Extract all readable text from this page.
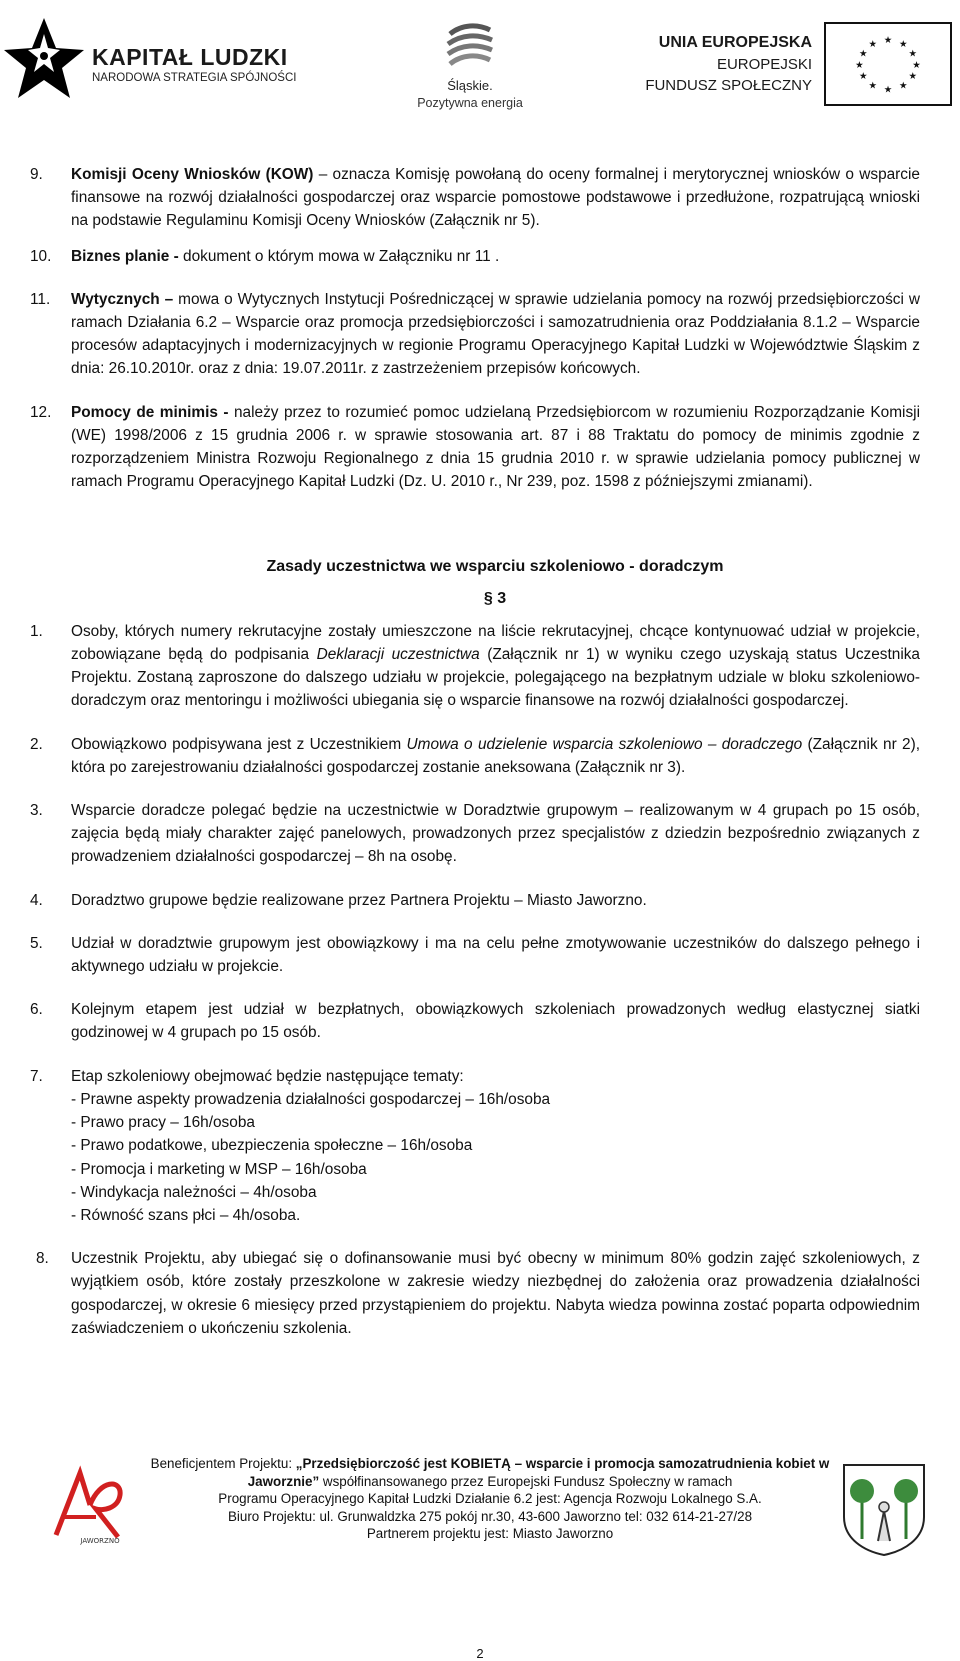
KAPITAŁ LUDZKI
NARODOWA STRATEGIA SPÓJNOŚCI	Śląskie.
Pozytywna energia
UNIA EUROPEJSKA
EUROPEJSKI
FUNDUSZ SPOŁECZNY
★ ★
★
★
★
★
★
★
★
★
★
★
9. Komisji Oceny Wniosków (KOW) – oznacza Komisję powołaną do oceny formalnej i merytorycznej wniosków o wsparcie finansowe na rozwój działalności gospodarczej oraz wsparcie pomostowe podstawowe i przedłużone, rozpatrującą wnioski na podstawie Regulaminu Komisji Oceny Wniosków (Załącznik nr 5).
10. Biznes planie - dokument o którym mowa w Załączniku nr 11 .
11. Wytycznych – mowa o Wytycznych Instytucji Pośredniczącej w sprawie udzielania pomocy na rozwój przedsiębiorczości w ramach Działania 6.2 – Wsparcie oraz promocja przedsiębiorczości i samozatrudnienia oraz Poddziałania 8.1.2 – Wsparcie procesów adaptacyjnych i modernizacyjnych w regionie Programu Operacyjnego Kapitał Ludzki w Województwie Śląskim z dnia: 26.10.2010r. oraz z dnia: 19.07.2011r. z zastrzeżeniem przepisów końcowych.
12. Pomocy de minimis - należy przez to rozumieć pomoc udzielaną Przedsiębiorcom w rozumieniu Rozporządzanie Komisji (WE) 1998/2006 z 15 grudnia 2006 r. w sprawie stosowania art. 87 i 88 Traktatu do pomocy de minimis zgodnie z rozporządzeniem Ministra Rozwoju Regionalnego z dnia 15 grudnia 2010 r. w sprawie udzielania pomocy publicznej w ramach Programu Operacyjnego Kapitał Ludzki (Dz. U. 2010 r., Nr 239, poz. 1598 z późniejszymi zmianami).
Zasady uczestnictwa we wsparciu szkoleniowo - doradczym
§ 3
1. Osoby, których numery rekrutacyjne zostały umieszczone na liście rekrutacyjnej, chcące kontynuować udział w projekcie, zobowiązane będą do podpisania Deklaracji uczestnictwa (Załącznik nr 1) w wyniku czego uzyskają status Uczestnika Projektu. Zostaną zaproszone do dalszego udziału w projekcie, polegającego na bezpłatnym udziale w bloku szkoleniowo-doradczym oraz mentoringu i możliwości ubiegania się o wsparcie finansowe na rozwój działalności gospodarczej.
2. Obowiązkowo podpisywana jest z Uczestnikiem Umowa o udzielenie wsparcia szkoleniowo – doradczego (Załącznik nr 2), która po zarejestrowaniu działalności gospodarczej zostanie aneksowana (Załącznik nr 3).
3. Wsparcie doradcze polegać będzie na uczestnictwie w Doradztwie grupowym – realizowanym w 4 grupach po 15 osób, zajęcia będą miały charakter zajęć panelowych, prowadzonych przez specjalistów z dziedzin bezpośrednio związanych z prowadzeniem działalności gospodarczej – 8h na osobę.
4. Doradztwo grupowe będzie realizowane przez Partnera Projektu – Miasto Jaworzno.
5. Udział w doradztwie grupowym jest obowiązkowy i ma na celu pełne zmotywowanie uczestników do dalszego pełnego i aktywnego udziału w projekcie.
6. Kolejnym etapem jest udział w bezpłatnych, obowiązkowych szkoleniach prowadzonych według elastycznej siatki godzinowej w 4 grupach po 15 osób.
7. Etap szkoleniowy obejmować będzie następujące tematy:
- Prawne aspekty prowadzenia działalności gospodarczej – 16h/osoba
- Prawo pracy – 16h/osoba
- Prawo podatkowe, ubezpieczenia społeczne – 16h/osoba
- Promocja i marketing w MSP – 16h/osoba
- Windykacja należności – 4h/osoba
- Równość szans płci – 4h/osoba.
8. Uczestnik Projektu, aby ubiegać się o dofinansowanie musi być obecny w minimum 80% godzin zajęć szkoleniowych, z wyjątkiem osób, które zostały przeszkolone w zakresie wiedzy niezbędnej do założenia oraz prowadzenia działalności gospodarczej, w okresie 6 miesięcy przed przystąpieniem do projektu. Nabyta wiedza powinna zostać poparta odpowiednim zaświadczeniem o ukończeniu szkolenia.
JAWORZNO
Beneficjentem Projektu: „Przedsiębiorczość jest KOBIETĄ – wsparcie i promocja samozatrudnienia kobiet w Jaworznie” współfinansowanego przez Europejski Fundusz Społeczny w ramach
Programu Operacyjnego Kapitał Ludzki Działanie 6.2 jest: Agencja Rozwoju Lokalnego S.A.
Biuro Projektu: ul. Grunwaldzka 275 pokój nr.30, 43-600 Jaworzno tel: 032 614-21-27/28
Partnerem projektu jest: Miasto Jaworzno
2
